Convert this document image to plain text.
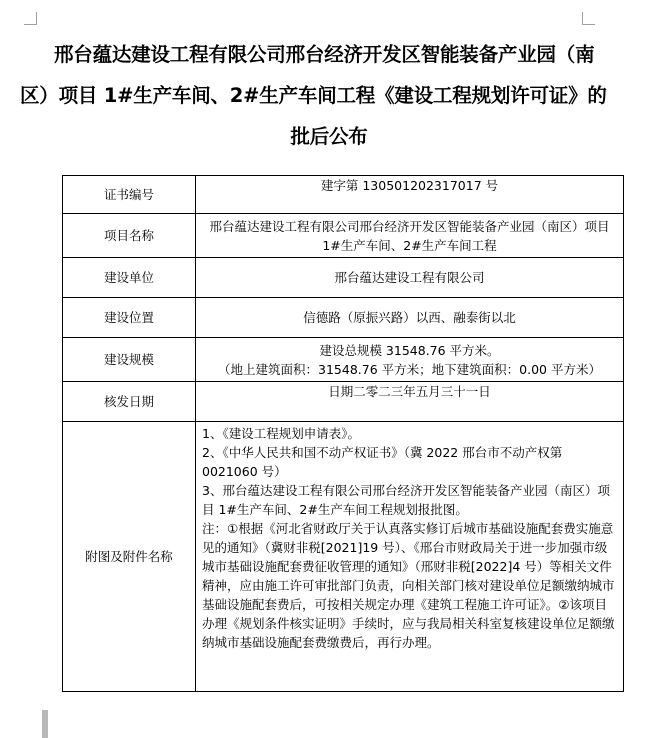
邢台蕴达建设工程有限公司邢台经济开发区智能装备产业园（南
区）项目 1#生产车间、2#生产车间工程《建设工程规划许可证》的
批后公布
证书编号	建字第 130501202317017 号
项目名称	邢台蕴达建设工程有限公司邢台经济开发区智能装备产业园（南区）项目 1#生产车间、2#生产车间工程
建设单位	邢台蕴达建设工程有限公司
建设位置	信德路（原振兴路）以西、融泰街以北
建设规模	建设总规模 31548.76 平方米。
（地上建筑面积：31548.76 平方米；地下建筑面积：0.00 平方米）

核发日期	日期二零二三年五月三十一日
附图及附件名称	1、《建设工程规划申请表》。

2、《中华人民共和国不动产权证书》（冀 2022 邢台市不动产权第 0021060 号）

3、邢台蕴达建设工程有限公司邢台经济开发区智能装备产业园（南区）项目 1#生产车间、2#生产车间工程规划报批图。

注：①根据《河北省财政厅关于认真落实修订后城市基础设施配套费实施意见的通知》（冀财非税[2021]19 号）、《邢台市财政局关于进一步加强市级城市基础设施配套费征收管理的通知》（邢财非税[2022]4 号）等相关文件精神，应由施工许可审批部门负责，向相关部门核对建设单位足额缴纳城市基础设施配套费后，可按相关规定办理《建筑工程施工许可证》。②该项目办理《规划条件核实证明》手续时，应与我局相关科室复核建设单位足额缴纳城市基础设施配套费缴费后，再行办理。
